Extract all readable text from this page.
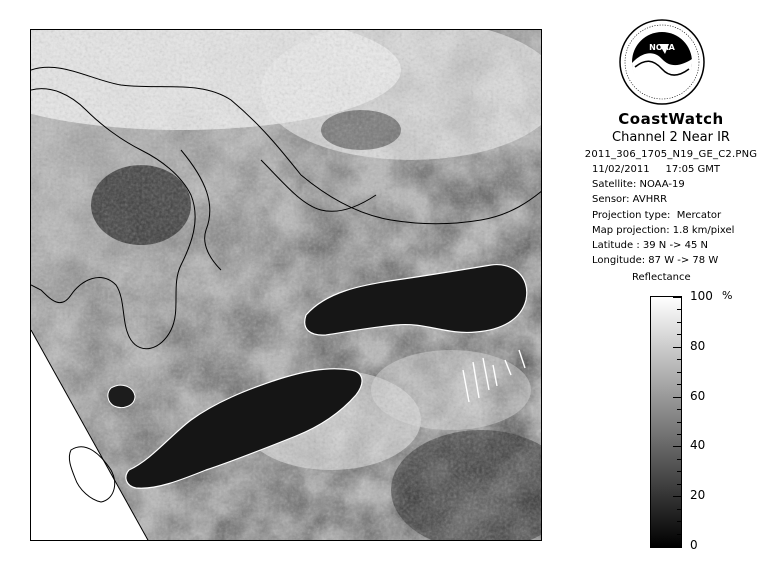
NOAA
CoastWatch
Channel 2 Near IR
2011_306_1705_N19_GE_C2.PNG
11/02/2011     17:05 GMT
Satellite: NOAA-19
Sensor: AVHRR
Projection type:  Mercator
Map projection: 1.8 km/pixel
Latitude : 39 N -> 45 N
Longitude: 87 W -> 78 W
Reflectance
%
100
80
60
40
20
0
